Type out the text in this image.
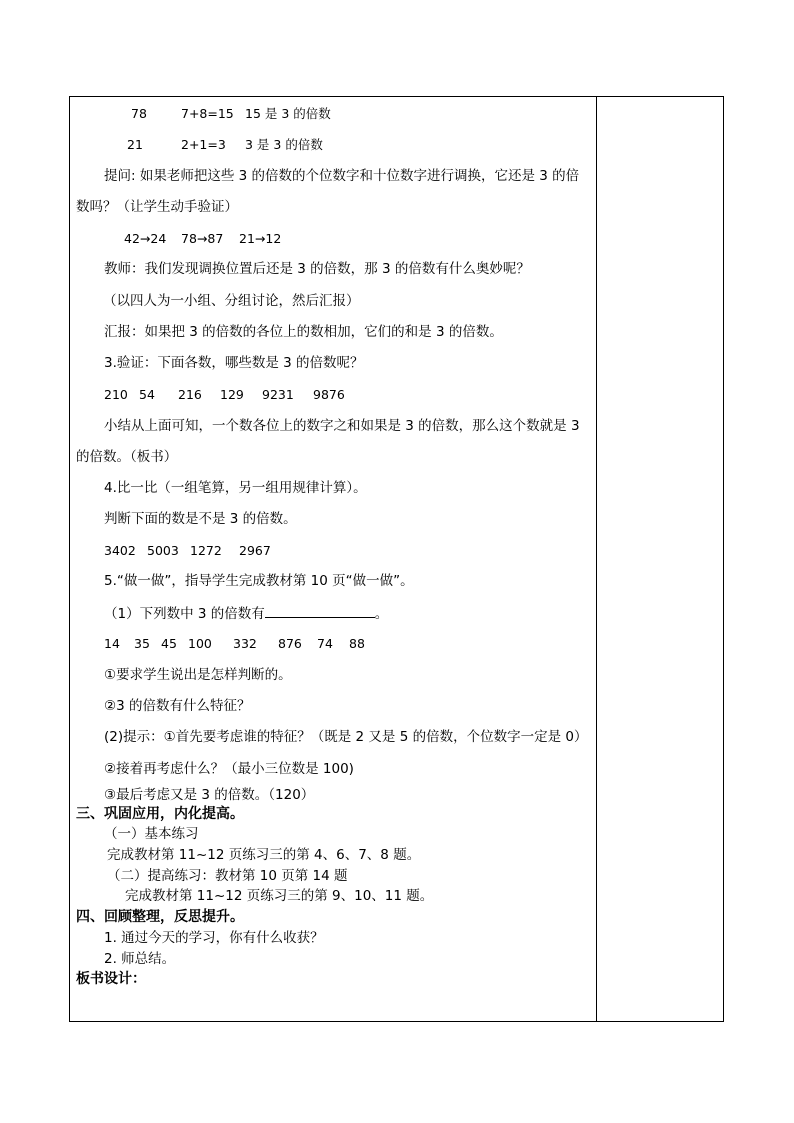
78	7+8=15 15 是 3 的倍数
21	2+1=3 3 是 3 的倍数
提问: 如果老师把这些 3 的倍数的个位数字和十位数字进行调换，它还是 3 的倍
数吗？（让学生动手验证）
42→24 78→87 21→12
教师：我们发现调换位置后还是 3 的倍数，那 3 的倍数有什么奥妙呢？
（以四人为一小组、分组讨论，然后汇报）
汇报：如果把 3 的倍数的各位上的数相加，它们的和是 3 的倍数。
3.验证：下面各数，哪些数是 3 的倍数呢？
210 54 216 129 9231 9876
小结从上面可知，一个数各位上的数字之和如果是 3 的倍数，那么这个数就是 3
的倍数。（板书）
4.比一比（一组笔算，另一组用规律计算）。
判断下面的数是不是 3 的倍数。
3402 5003 1272 2967
5.“做一做”，指导学生完成教材第 10 页“做一做”。
（1）下列数中 3 的倍数有	。
14 35 45 100 332 876 74 88
①要求学生说出是怎样判断的。
②3 的倍数有什么特征？
(2)提示：①首先要考虑谁的特征？（既是 2 又是 5 的倍数，个位数字一定是 0）
②接着再考虑什么？（最小三位数是 100)
③最后考虑又是 3 的倍数。（120）
三、巩固应用，内化提高。
（一）基本练习
完成教材第 11~12 页练习三的第 4、6、7、8 题。
（二）提高练习：教材第 10 页第 14 题
完成教材第 11~12 页练习三的第 9、10、11 题。
四、回顾整理，反思提升。
1. 通过今天的学习，你有什么收获？
2. 师总结。
板书设计：
